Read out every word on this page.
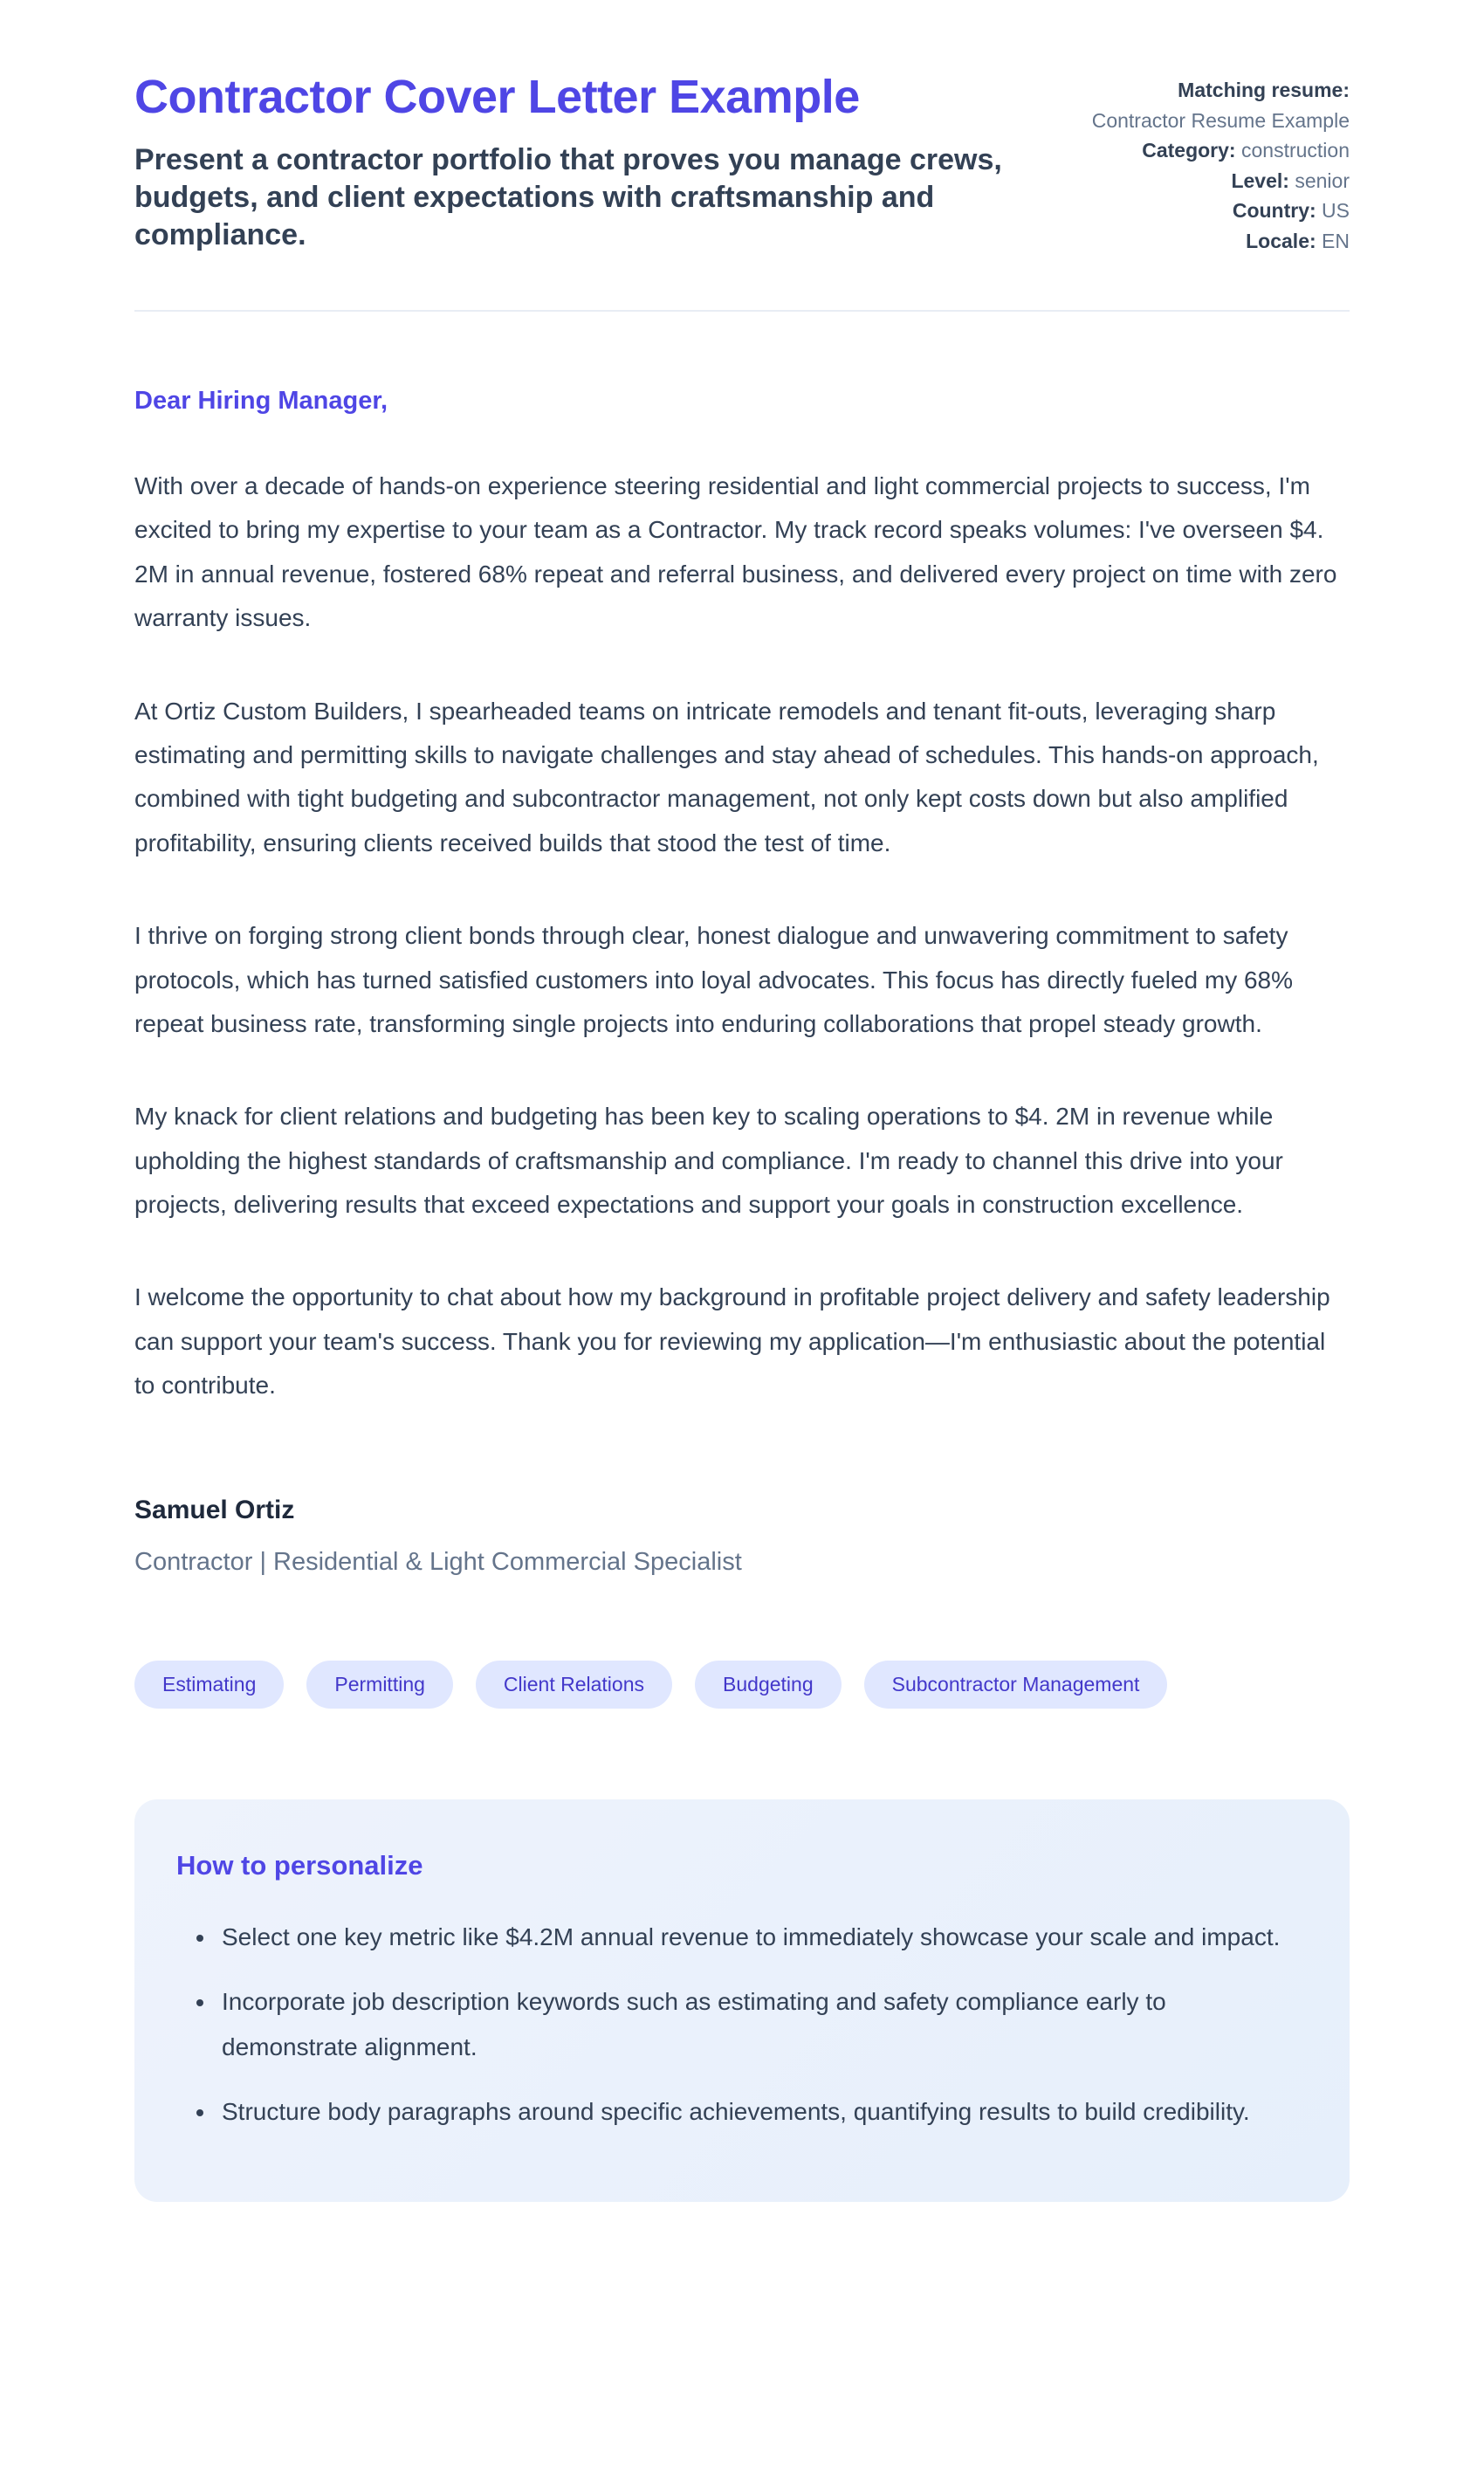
Contractor Cover Letter Example

Present a contractor portfolio that proves you manage crews, budgets, and client expectations with craftsmanship and compliance.

Matching resume: Contractor Resume Example
Category: construction
Level: senior
Country: US
Locale: EN

Dear Hiring Manager,

With over a decade of hands-on experience steering residential and light commercial projects to success, I'm excited to bring my expertise to your team as a Contractor. My track record speaks volumes: I've overseen $4. 2M in annual revenue, fostered 68% repeat and referral business, and delivered every project on time with zero warranty issues.

At Ortiz Custom Builders, I spearheaded teams on intricate remodels and tenant fit-outs, leveraging sharp estimating and permitting skills to navigate challenges and stay ahead of schedules. This hands-on approach, combined with tight budgeting and subcontractor management, not only kept costs down but also amplified profitability, ensuring clients received builds that stood the test of time.

I thrive on forging strong client bonds through clear, honest dialogue and unwavering commitment to safety protocols, which has turned satisfied customers into loyal advocates. This focus has directly fueled my 68% repeat business rate, transforming single projects into enduring collaborations that propel steady growth.

My knack for client relations and budgeting has been key to scaling operations to $4. 2M in revenue while upholding the highest standards of craftsmanship and compliance. I'm ready to channel this drive into your projects, delivering results that exceed expectations and support your goals in construction excellence.

I welcome the opportunity to chat about how my background in profitable project delivery and safety leadership can support your team's success. Thank you for reviewing my application—I'm enthusiastic about the potential to contribute.

Samuel Ortiz

Contractor | Residential & Light Commercial Specialist

Estimating	Permitting	Client Relations	Budgeting	Subcontractor Management
How to personalize
• Select one key metric like $4.2M annual revenue to immediately showcase your scale and impact.
• Incorporate job description keywords such as estimating and safety compliance early to demonstrate alignment.
• Structure body paragraphs around specific achievements, quantifying results to build credibility.
